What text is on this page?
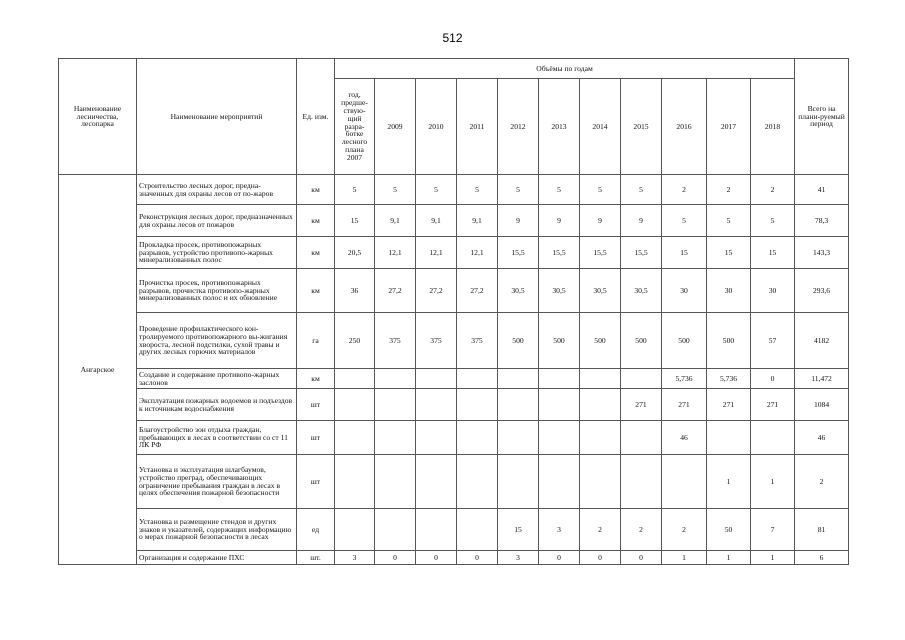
512
Наименование лесничества, лесопарка	Наименование мероприятий	Ед. изм.	Объёмы по годам											Всего на плани-руемый период
			год, предше-ствую-щий разра-ботке лесного плана 2007	2009	2010	2011	2012	2013	2014	2015	2016	2017	2018	
Ангарское	Строительство лесных дорог, предна-значенных для охраны лесов от по-жаров	км	5	5	5	5	5	5	5	5	2	2	2	41
	Реконструкция лесных дорог, предназначенных для охраны лесов от пожаров	км	15	9,1	9,1	9,1	9	9	9	9	5	5	5	78,3
	Прокладка просек, противопожарных разрывов, устройство противопо-жарных минерализованных полос	км	20,5	12,1	12,1	12,1	15,5	15,5	15,5	15,5	15	15	15	143,3
	Прочистка просек, противопожарных разрывов, прочистка противопо-жарных минерализованных полос и их обновление	км	36	27,2	27,2	27,2	30,5	30,5	30,5	30,5	30	30	30	293,6
	Проведение профилактического кон-тролируемого противопожарного вы-жигания хвороста, лесной подстилки, сухой травы и других лесных горючих материалов	га	250	375	375	375	500	500	500	500	500	500	57	4182
	Создание и содержание противопо-жарных заслонов	км									5,736	5,736	0	11,472
	Эксплуатация пожарных водоемов и подъездов к источникам водоснабжения	шт								271	271	271	271	1084
	Благоустройство зон отдыха граждан, пребывающих в лесах в соответствии со ст 11 ЛК РФ	шт									46			46
	Установка и эксплуатация шлагбаумов, устройство преград, обеспечивающих ограничение пребывания граждан в лесах в целях обеспечения пожарной безопасности	шт										1	1	2
	Установка и размещение стендов и других знаков и указателей, содержащих информацию о мерах пожарной безопасности в лесах	ед					15	3	2	2	2	50	7	81
	Организация и содержание ПХС	шт.	3	0	0	0	3	0	0	0	1	1	1	6
